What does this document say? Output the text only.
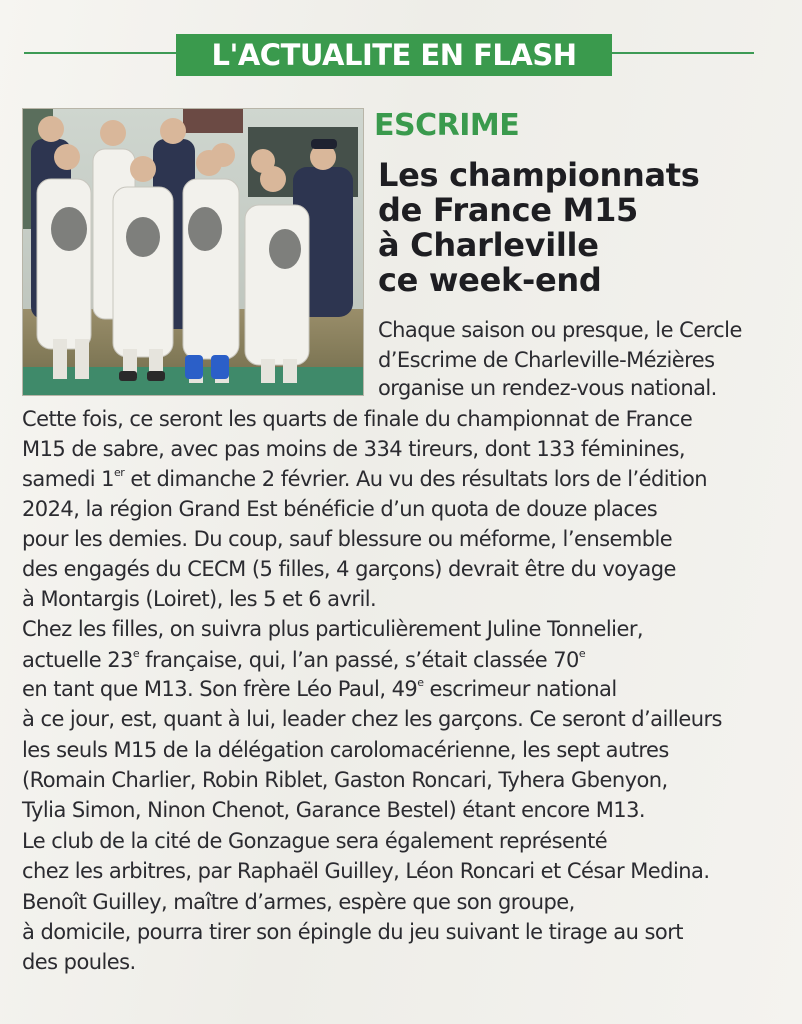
L'ACTUALITE EN FLASH
ESCRIME
Les championnats
de France M15
à Charleville
ce week-end
Chaque saison ou presque, le Cercle
d’Escrime de Charleville-Mézières
organise un rendez-vous national.
Cette fois, ce seront les quarts de finale du championnat de France
M15 de sabre, avec pas moins de 334 tireurs, dont 133 féminines,
samedi 1er et dimanche 2 février. Au vu des résultats lors de l’édition
2024, la région Grand Est bénéficie d’un quota de douze places
pour les demies. Du coup, sauf blessure ou méforme, l’ensemble
des engagés du CECM (5 filles, 4 garçons) devrait être du voyage
à Montargis (Loiret), les 5 et 6 avril.
Chez les filles, on suivra plus particulièrement Juline Tonnelier,
actuelle 23e française, qui, l’an passé, s’était classée 70e
en tant que M13. Son frère Léo Paul, 49e escrimeur national
à ce jour, est, quant à lui, leader chez les garçons. Ce seront d’ailleurs
les seuls M15 de la délégation carolomacérienne, les sept autres
(Romain Charlier, Robin Riblet, Gaston Roncari, Tyhera Gbenyon,
Tylia Simon, Ninon Chenot, Garance Bestel) étant encore M13.
Le club de la cité de Gonzague sera également représenté
chez les arbitres, par Raphaël Guilley, Léon Roncari et César Medina.
Benoît Guilley, maître d’armes, espère que son groupe,
à domicile, pourra tirer son épingle du jeu suivant le tirage au sort
des poules.
